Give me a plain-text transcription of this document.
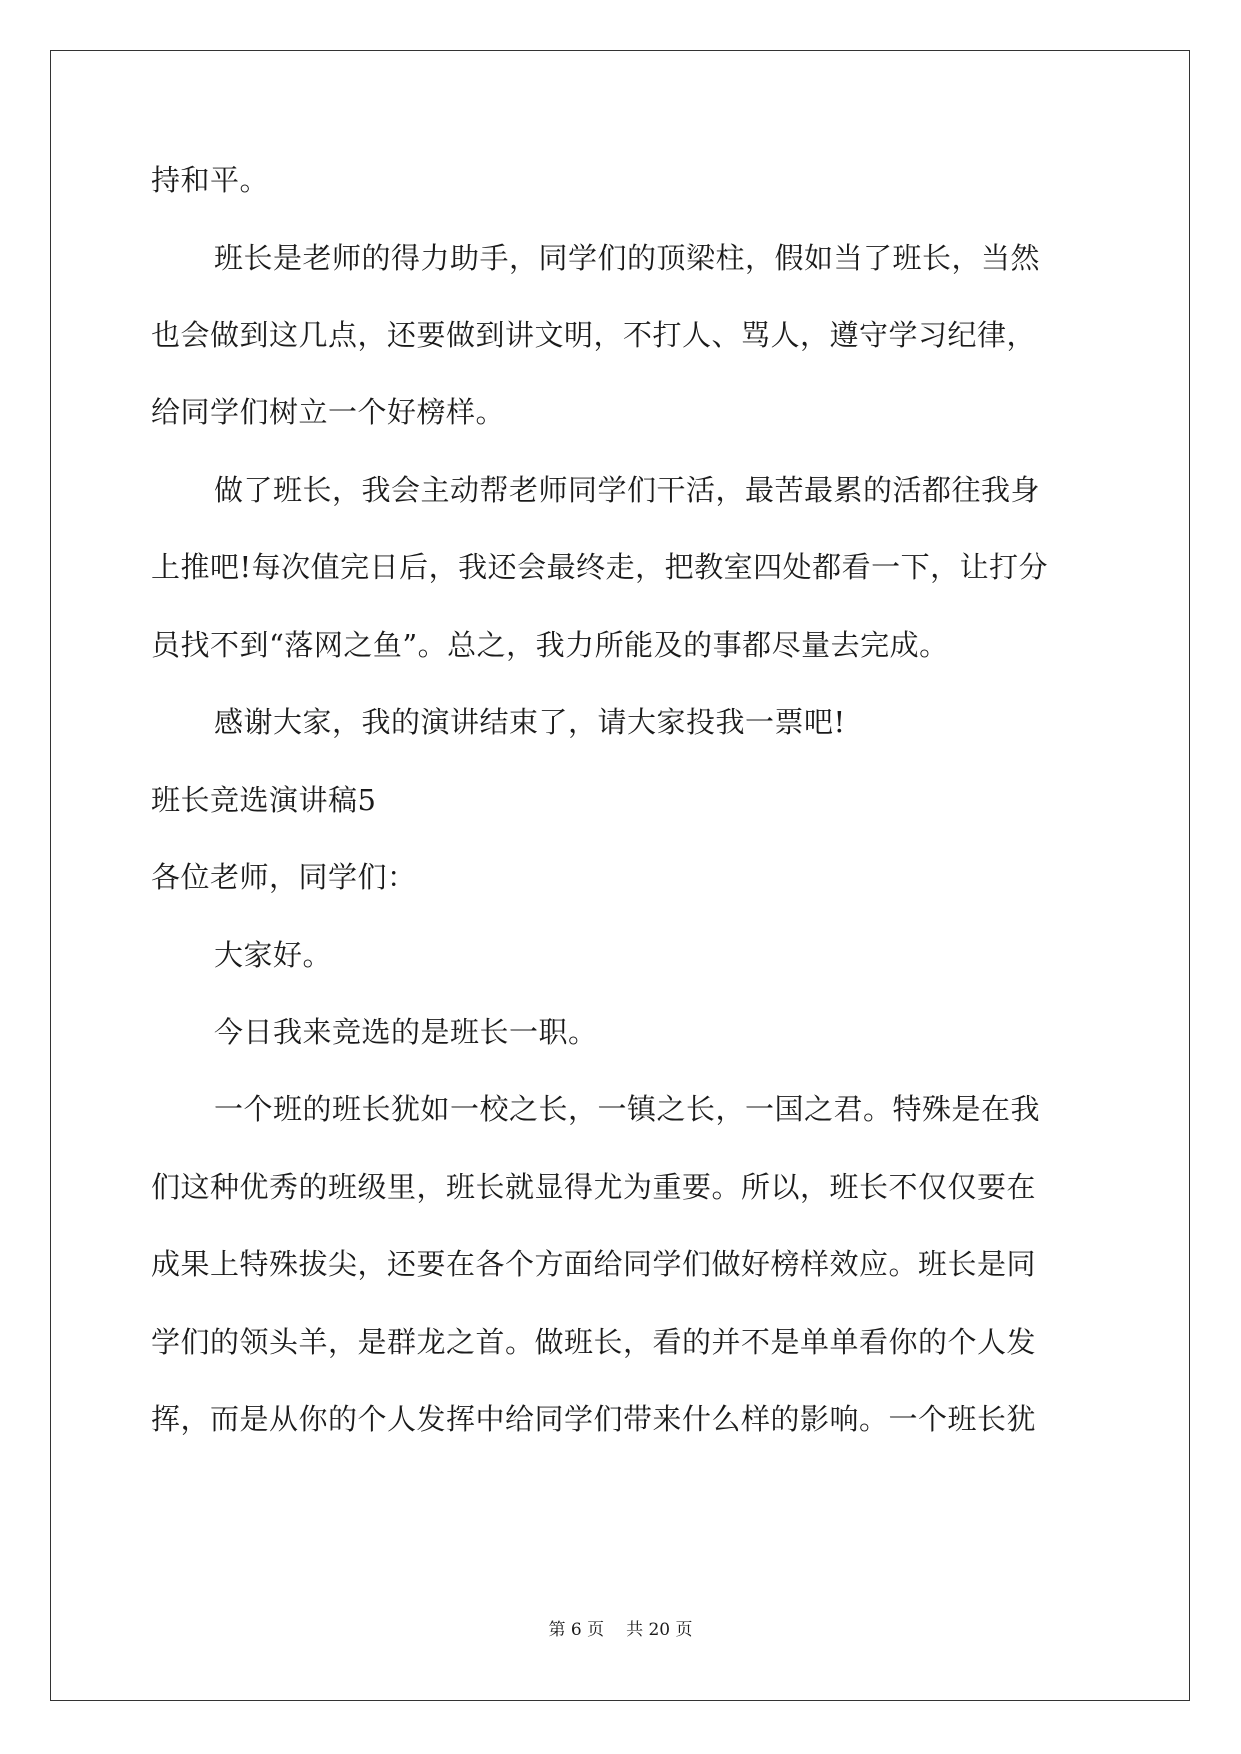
持和平。
班长是老师的得力助手，同学们的顶梁柱，假如当了班长，当然
也会做到这几点，还要做到讲文明，不打人、骂人，遵守学习纪律，
给同学们树立一个好榜样。
做了班长，我会主动帮老师同学们干活，最苦最累的活都往我身
上推吧!每次值完日后，我还会最终走，把教室四处都看一下，让打分
员找不到“落网之鱼”。总之，我力所能及的事都尽量去完成。
感谢大家，我的演讲结束了，请大家投我一票吧!
班长竞选演讲稿5
各位老师，同学们：
大家好。
今日我来竞选的是班长一职。
一个班的班长犹如一校之长，一镇之长，一国之君。特殊是在我
们这种优秀的班级里，班长就显得尤为重要。所以，班长不仅仅要在
成果上特殊拔尖，还要在各个方面给同学们做好榜样效应。班长是同
学们的领头羊，是群龙之首。做班长，看的并不是单单看你的个人发
挥，而是从你的个人发挥中给同学们带来什么样的影响。一个班长犹
第 6 页 共 20 页
